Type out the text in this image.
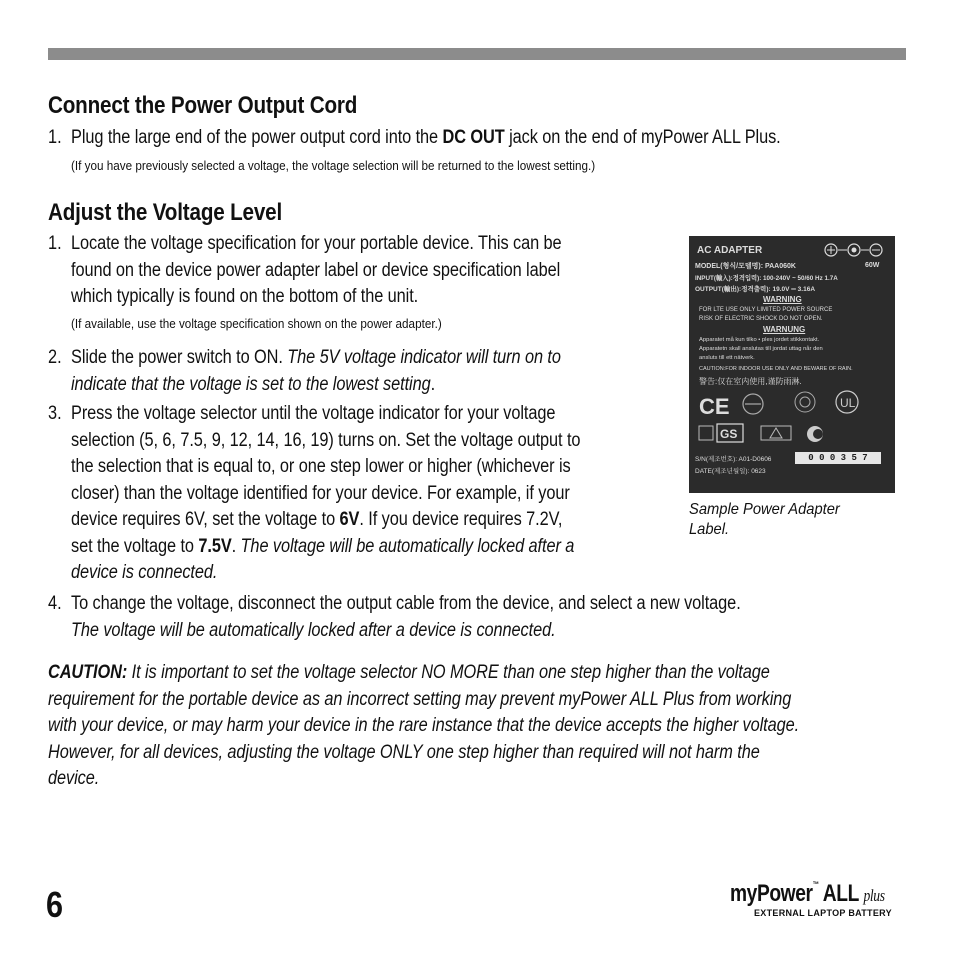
Connect the Power Output Cord
1. Plug the large end of the power output cord into the DC OUT jack on the end of myPower ALL Plus.
(If you have previously selected a voltage, the voltage selection will be returned to the lowest setting.)
Adjust the Voltage Level
1. Locate the voltage specification for your portable device. This can be
found on the device power adapter label or device specification label
which typically is found on the bottom of the unit.
(If available, use the voltage specification shown on the power adapter.)
2. Slide the power switch to ON. The 5V voltage indicator will turn on to
indicate that the voltage is set to the lowest setting.
3. Press the voltage selector until the voltage indicator for your voltage
selection (5, 6, 7.5, 9, 12, 14, 16, 19) turns on. Set the voltage output to
the selection that is equal to, or one step lower or higher (whichever is
closer) than the voltage identified for your device. For example, if your
device requires 6V, set the voltage to 6V. If you device requires 7.2V,
set the voltage to 7.5V. The voltage will be automatically locked after a
device is connected.
4. To change the voltage, disconnect the output cable from the device, and select a new voltage.
The voltage will be automatically locked after a device is connected.
CAUTION: It is important to set the voltage selector NO MORE than one step higher than the voltage
requirement for the portable device as an incorrect setting may prevent myPower ALL Plus from working
with your device, or may harm your device in the rare instance that the device accepts the higher voltage.
However, for all devices, adjusting the voltage ONLY one step higher than required will not harm the
device.
AC ADAPTER
60W
MODEL(형식/모델명): PAA060K
INPUT(輸入):정격입력): 100-240V ~ 50/60 Hz 1.7A
OUTPUT(輸出):정격출력): 19.0V ═ 3.16A
WARNING
FOR LTE USE ONLY LIMITED POWER SOURCE
RISK OF ELECTRIC SHOCK DO NOT OPEN.
WARNUNG
Apparatet må kun tilko • ples jordet stikkontakt.
Apparatetn skall anslutas till jordat uttag når den
ansluts till ett nätverk.
CAUTION:FOR INDOOR USE ONLY AND BEWARE OF RAIN.
警告:仅在室内使用,谨防雨淋.
CE	UL
GS
S/N(제조번호): A01-D0606	0 0 0 3 5 7
DATE(제조년월일): 0623
Sample Power Adapter
Label.
6	myPower™ ALL plus
EXTERNAL LAPTOP BATTERY
